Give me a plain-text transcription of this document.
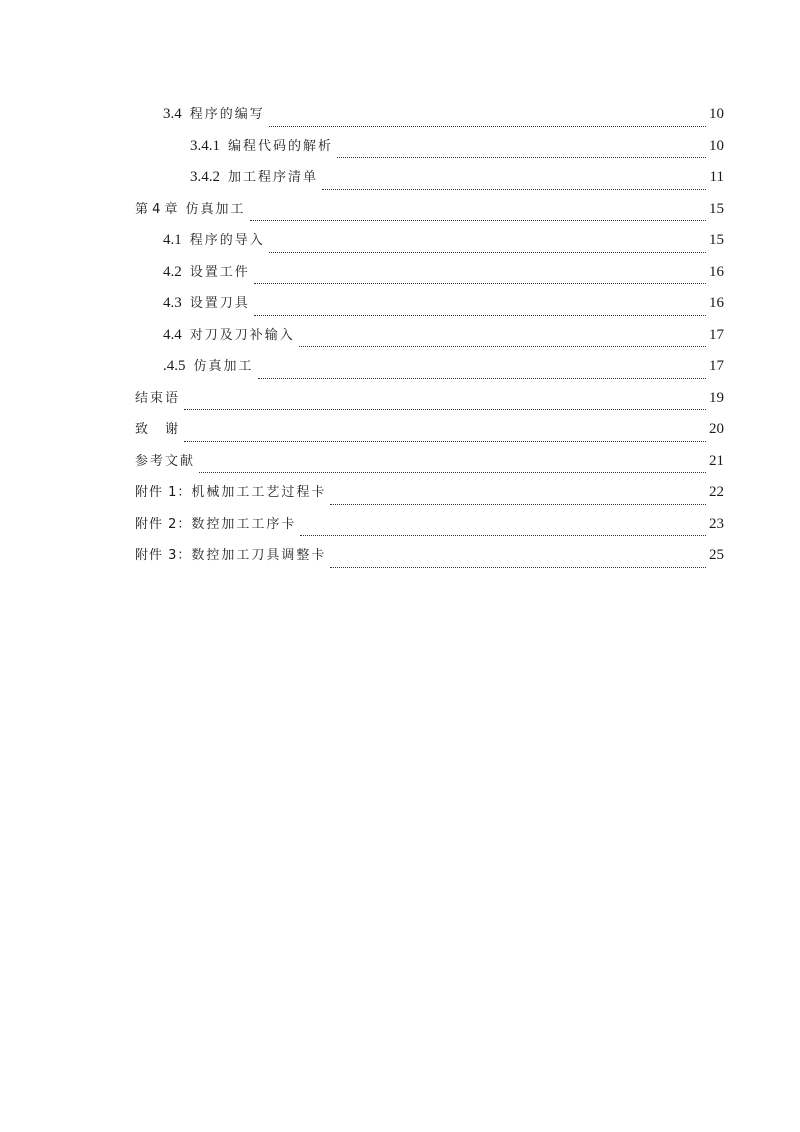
3.4 程序的编写	10
3.4.1 编程代码的解析	10
3.4.2 加工程序清单	11
第 4 章 仿真加工	15
4.1 程序的导入	15
4.2 设置工件	16
4.3 设置刀具	16
4.4 对刀及刀补输入	17
.4.5 仿真加工	17
结束语	19
致　谢	20
参考文献	21
附件 1： 机械加工工艺过程卡	22
附件 2： 数控加工工序卡	23
附件 3： 数控加工刀具调整卡	25
